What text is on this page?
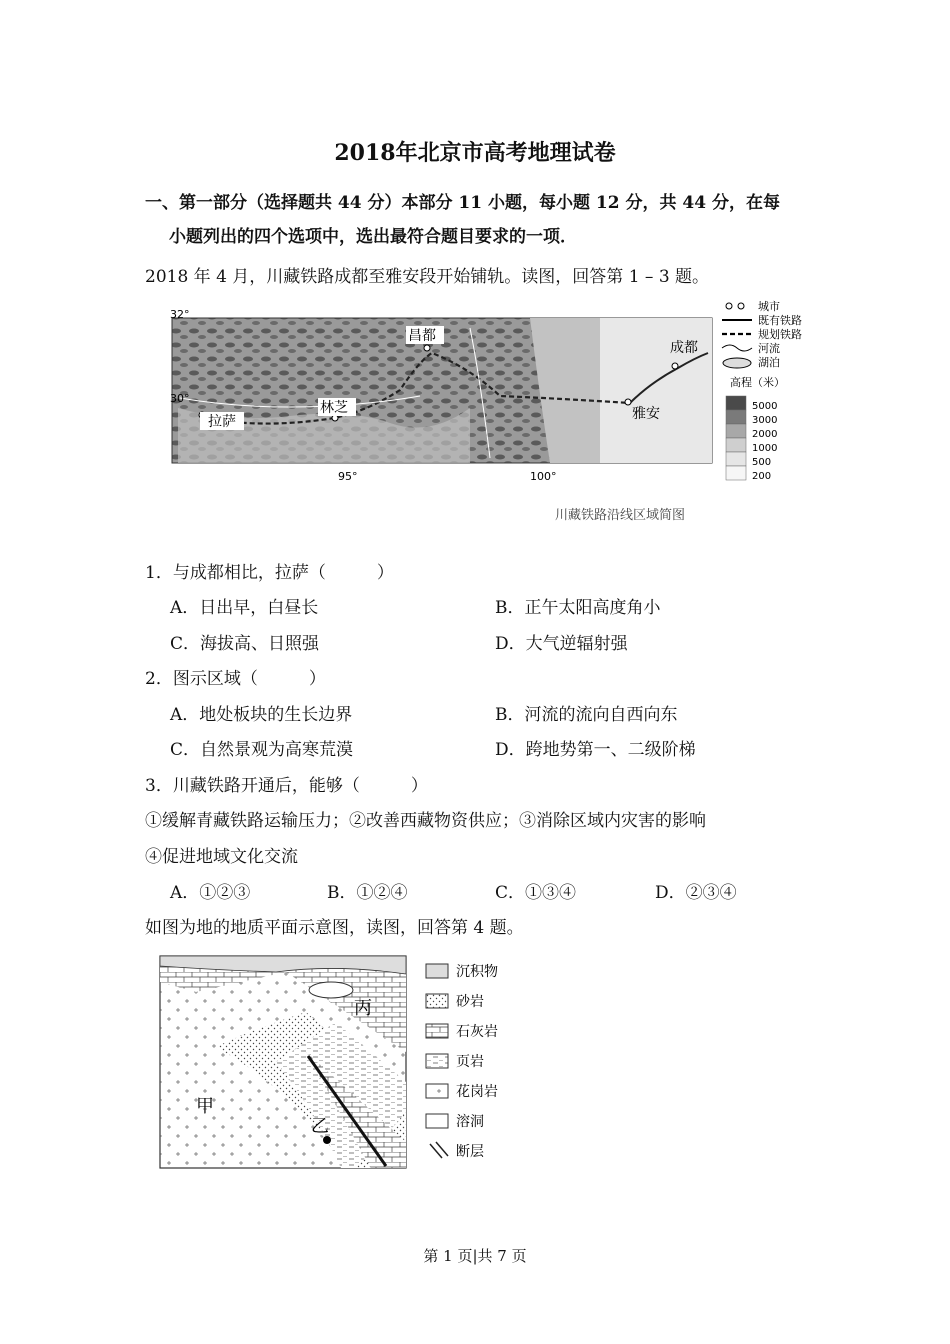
2018年北京市高考地理试卷
一、第一部分（选择题共 44 分）本部分 11 小题，每小题 12 分，共 44 分，在每
小题列出的四个选项中，选出最符合题目要求的一项．
2018 年 4 月，川藏铁路成都至雅安段开始铺轨。读图，回答第 1 – 3 题。
拉萨
林芝
昌都
成都
雅安
32°
30°
95°	100°
城市
既有铁路
规划铁路
河流
湖泊
高程（米）
5000
3000
2000
1000
500
200
川藏铁路沿线区域简图
1．与成都相比，拉萨（　　　）
A．日出早，白昼长	B．正午太阳高度角小
C．海拔高、日照强	D．大气逆辐射强
2．图示区域（　　　）
A．地处板块的生长边界	B．河流的流向自西向东
C．自然景观为高寒荒漠	D．跨地势第一、二级阶梯
3．川藏铁路开通后，能够（　　　）
①缓解青藏铁路运输压力；②改善西藏物资供应；③消除区域内灾害的影响
④促进地域文化交流
A．①②③	B．①②④	C．①③④	D．②③④
如图为地的地质平面示意图，读图，回答第 4 题。
丙
甲
乙
沉积物
砂岩
石灰岩
页岩
花岗岩
溶洞
断层
第 1 页|共 7 页
